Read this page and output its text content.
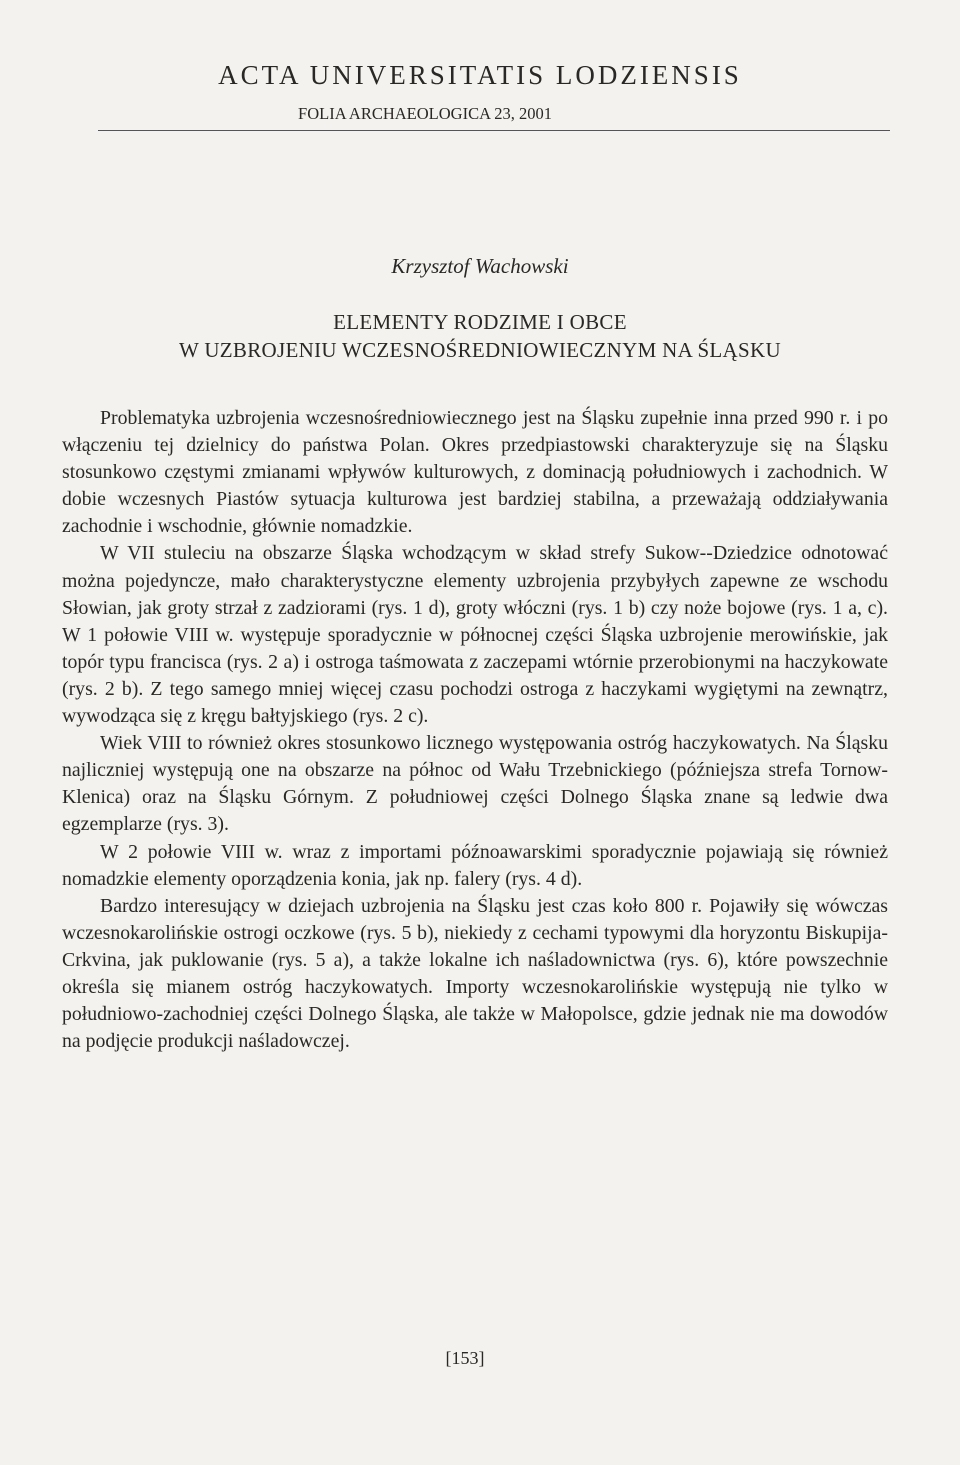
ACTA UNIVERSITATIS LODZIENSIS
FOLIA ARCHAEOLOGICA 23, 2001
Krzysztof Wachowski
ELEMENTY RODZIME I OBCE
W UZBROJENIU WCZESNOŚREDNIOWIECZNYM NA ŚLĄSKU

Problematyka uzbrojenia wczesnośredniowiecznego jest na Śląsku zupełnie inna przed 990 r. i po włączeniu tej dzielnicy do państwa Polan. Okres przedpiastowski charakteryzuje się na Śląsku stosunkowo częstymi zmianami wpływów kulturowych, z dominacją południowych i zachodnich. W dobie wczesnych Piastów sytuacja kulturowa jest bardziej stabilna, a przeważają oddziaływania zachodnie i wschodnie, głównie nomadzkie.

W VII stuleciu na obszarze Śląska wchodzącym w skład strefy Sukow--Dziedzice odnotować można pojedyncze, mało charakterystyczne elementy uzbrojenia przybyłych zapewne ze wschodu Słowian, jak groty strzał z zadziorami (rys. 1 d), groty włóczni (rys. 1 b) czy noże bojowe (rys. 1 a, c). W 1 połowie VIII w. występuje sporadycznie w północnej części Śląska uzbrojenie merowińskie, jak topór typu francisca (rys. 2 a) i ostroga taśmowata z zaczepami wtórnie przerobionymi na haczykowate (rys. 2 b). Z tego samego mniej więcej czasu pochodzi ostroga z haczykami wygiętymi na zewnątrz, wywodząca się z kręgu bałtyjskiego (rys. 2 c).

Wiek VIII to również okres stosunkowo licznego występowania ostróg haczykowatych. Na Śląsku najliczniej występują one na obszarze na północ od Wału Trzebnickiego (późniejsza strefa Tornow-Klenica) oraz na Śląsku Górnym. Z południowej części Dolnego Śląska znane są ledwie dwa egzemplarze (rys. 3).

W 2 połowie VIII w. wraz z importami późnoawarskimi sporadycznie pojawiają się również nomadzkie elementy oporządzenia konia, jak np. falery (rys. 4 d).

Bardzo interesujący w dziejach uzbrojenia na Śląsku jest czas koło 800 r. Pojawiły się wówczas wczesnokarolińskie ostrogi oczkowe (rys. 5 b), niekiedy z cechami typowymi dla horyzontu Biskupija-Crkvina, jak puklowanie (rys. 5 a), a także lokalne ich naśladownictwa (rys. 6), które powszechnie określa się mianem ostróg haczykowatych. Importy wczesnokarolińskie występują nie tylko w południowo-zachodniej części Dolnego Śląska, ale także w Małopolsce, gdzie jednak nie ma dowodów na podjęcie produkcji naśladowczej.

[153]
